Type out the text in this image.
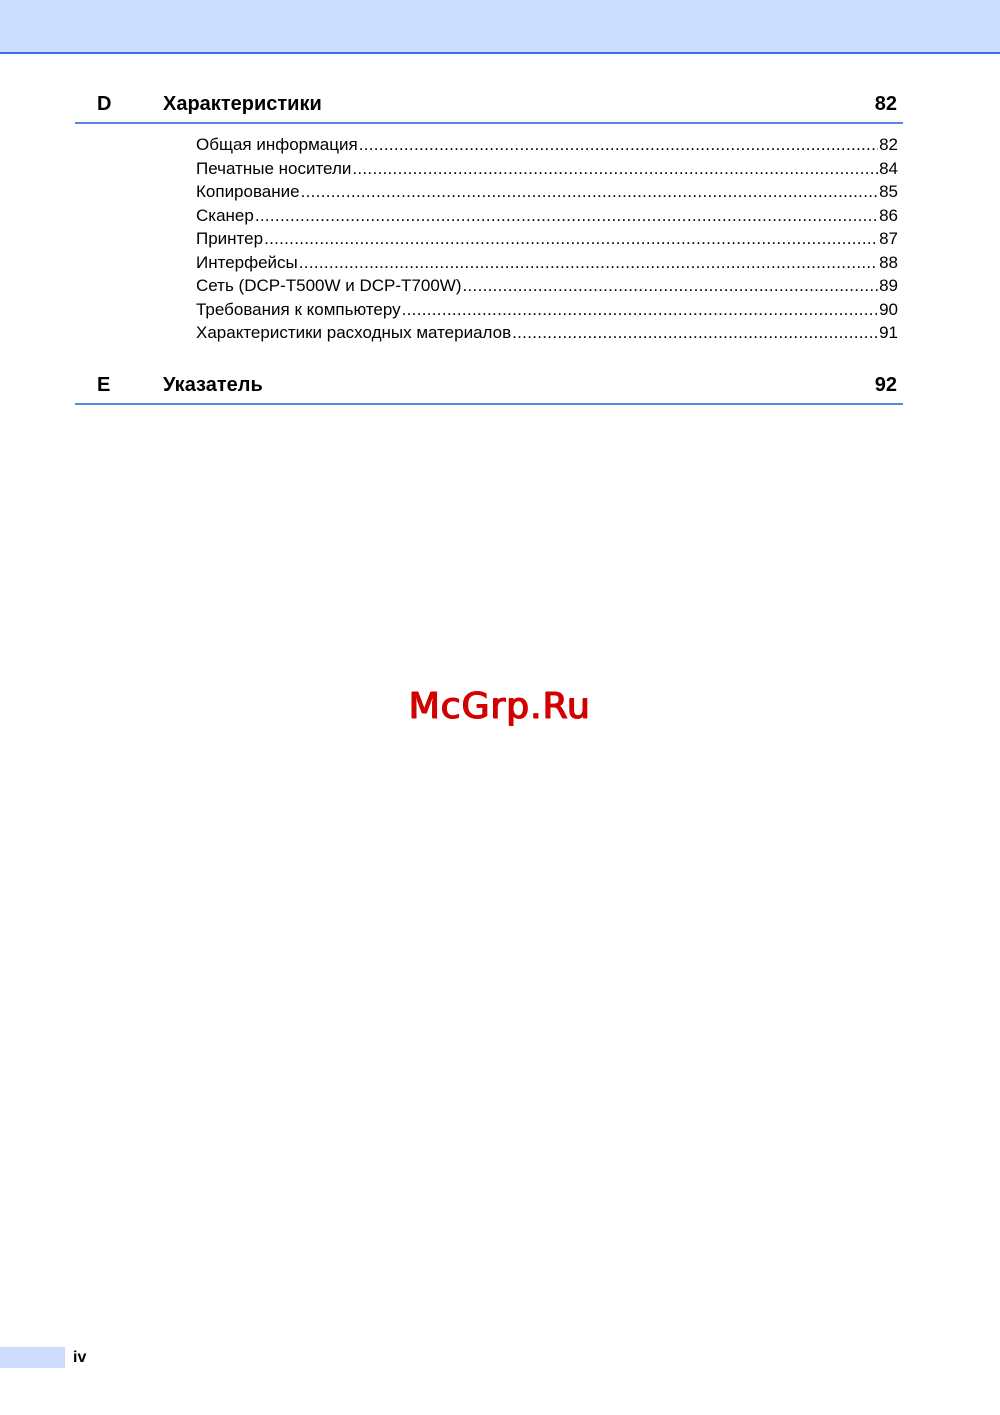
D	Характеристики	82
Общая информация .....	82
Печатные носители .....	84
Копирование .....	85
Сканер .....	86
Принтер .....	87
Интерфейсы .....	88
Сеть (DCP-T500W и DCP-T700W) .....	89
Требования к компьютеру .....	90
Характеристики расходных материалов .....	91
E	Указатель	92
McGrp.Ru
iv
